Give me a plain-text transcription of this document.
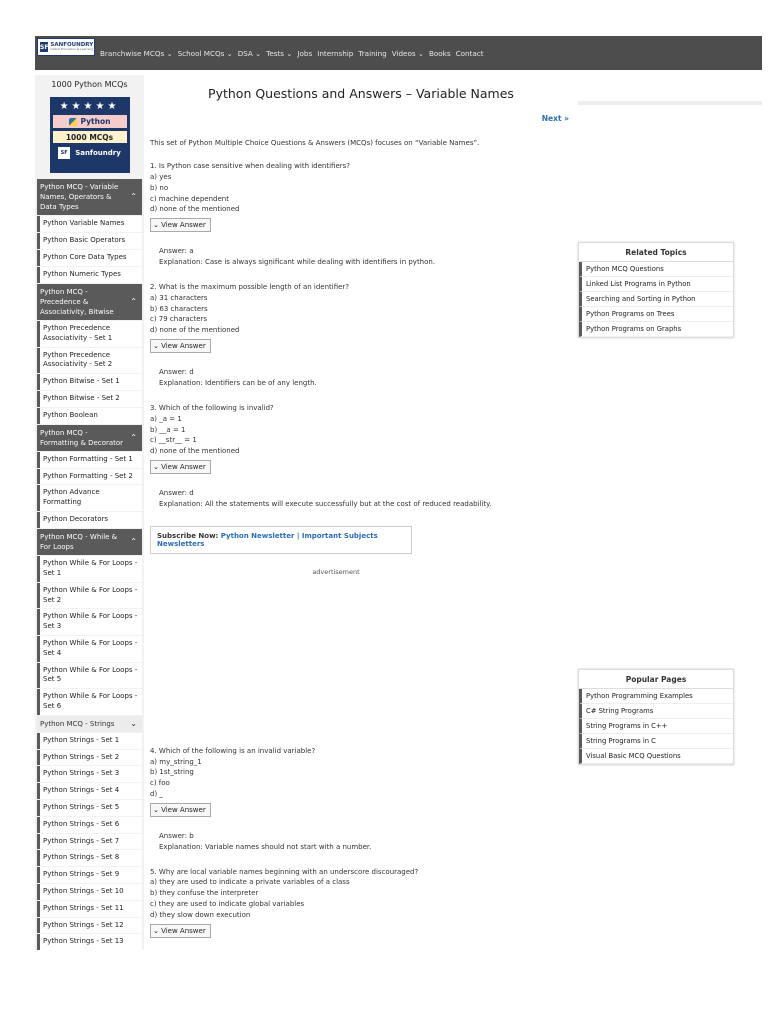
SF SANFOUNDRY
Global Education & Learning Branchwise MCQs ⌄ School MCQs ⌄ DSA ⌄ Tests ⌄ Jobs Internship Training Videos ⌄ Books Contact
1000 Python MCQs
★★★★★
Python
1000 MCQs
SF	Sanfoundry
Python MCQ - Variable Names, Operators & Data Types
⌃
Python Variable Names
Python Basic Operators
Python Core Data Types
Python Numeric Types
Python MCQ - Precedence & Associativity, Bitwise
⌃
Python Precedence Associativity - Set 1
Python Precedence Associativity - Set 2
Python Bitwise - Set 1
Python Bitwise - Set 2
Python Boolean
Python MCQ - Formatting & Decorator
⌃
Python Formatting - Set 1
Python Formatting - Set 2
Python Advance Formatting
Python Decorators
Python MCQ - While & For Loops
⌃
Python While & For Loops - Set 1
Python While & For Loops - Set 2
Python While & For Loops - Set 3
Python While & For Loops - Set 4
Python While & For Loops - Set 5
Python While & For Loops - Set 6
Python MCQ - Strings ⌄
Python Strings - Set 1
Python Strings - Set 2
Python Strings - Set 3
Python Strings - Set 4
Python Strings - Set 5
Python Strings - Set 6
Python Strings - Set 7
Python Strings - Set 8
Python Strings - Set 9
Python Strings - Set 10
Python Strings - Set 11
Python Strings - Set 12
Python Strings - Set 13
Python Questions and Answers – Variable Names
Next »
This set of Python Multiple Choice Questions & Answers (MCQs) focuses on “Variable Names”.
1. Is Python case sensitive when dealing with identifiers?
a) yes
b) no
c) machine dependent
d) none of the mentioned
⌄ View Answer
Answer: a
Explanation: Case is always significant while dealing with identifiers in python.
2. What is the maximum possible length of an identifier?
a) 31 characters
b) 63 characters
c) 79 characters
d) none of the mentioned
⌄ View Answer
Answer: d
Explanation: Identifiers can be of any length.
3. Which of the following is invalid?
a) _a = 1
b) __a = 1
c) __str__ = 1
d) none of the mentioned
⌄ View Answer
Answer: d
Explanation: All the statements will execute successfully but at the cost of reduced readability.
Subscribe Now: Python Newsletter | Important Subjects Newsletters
advertisement
4. Which of the following is an invalid variable?
a) my_string_1
b) 1st_string
c) foo
d) _
⌄ View Answer
Answer: b
Explanation: Variable names should not start with a number.
5. Why are local variable names beginning with an underscore discouraged?
a) they are used to indicate a private variables of a class
b) they confuse the interpreter
c) they are used to indicate global variables
d) they slow down execution
⌄ View Answer
Related Topics
Python MCQ Questions
Linked List Programs in Python
Searching and Sorting in Python
Python Programs on Trees
Python Programs on Graphs
Popular Pages
Python Programming Examples
C# String Programs
String Programs in C++
String Programs in C
Visual Basic MCQ Questions
